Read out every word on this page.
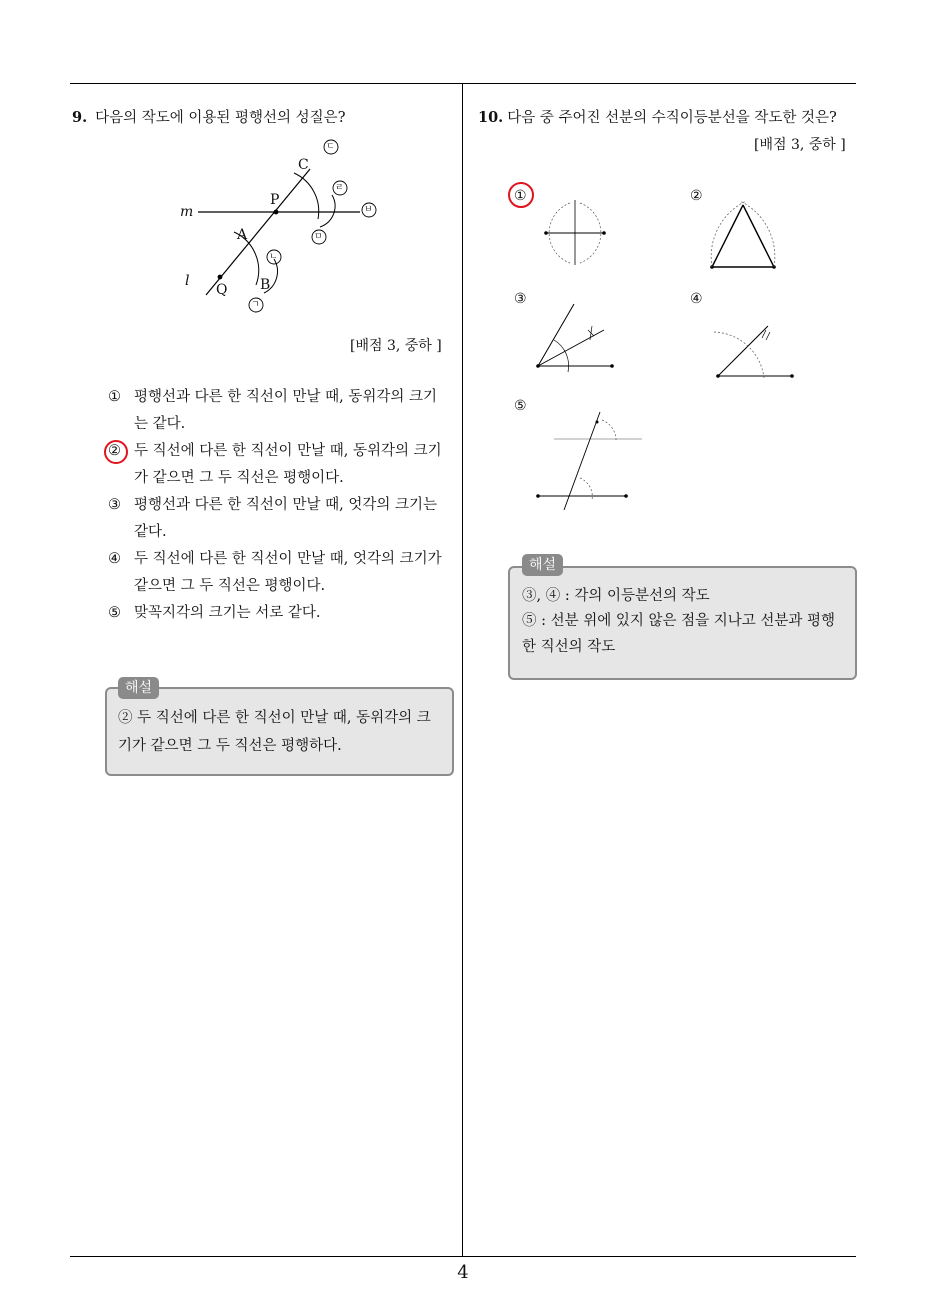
9. 다음의 작도에 이용된 평행선의 성질은?
m
l
P
C
A
Q B
ㄷ
ㄹ
ㅂ
ㅁ
ㄴ
ㄱ
[배점 3, 중하 ]
① 평행선과 다른 한 직선이 만날 때, 동위각의 크기는 같다.
② 두 직선에 다른 한 직선이 만날 때, 동위각의 크기가 같으면 그 두 직선은 평행이다.
③ 평행선과 다른 한 직선이 만날 때, 엇각의 크기는 같다.
④ 두 직선에 다른 한 직선이 만날 때, 엇각의 크기가 같으면 그 두 직선은 평행이다.
⑤ 맞꼭지각의 크기는 서로 같다.
해설
② 두 직선에 다른 한 직선이 만날 때, 동위각의 크기가 같으면 그 두 직선은 평행하다.
10. 다음 중 주어진 선분의 수직이등분선을 작도한 것은?
[배점 3, 중하 ]
①	②
③	④
⑤
해설
③, ④ : 각의 이등분선의 작도
⑤ : 선분 위에 있지 않은 점을 지나고 선분과 평행한 직선의 작도
4
